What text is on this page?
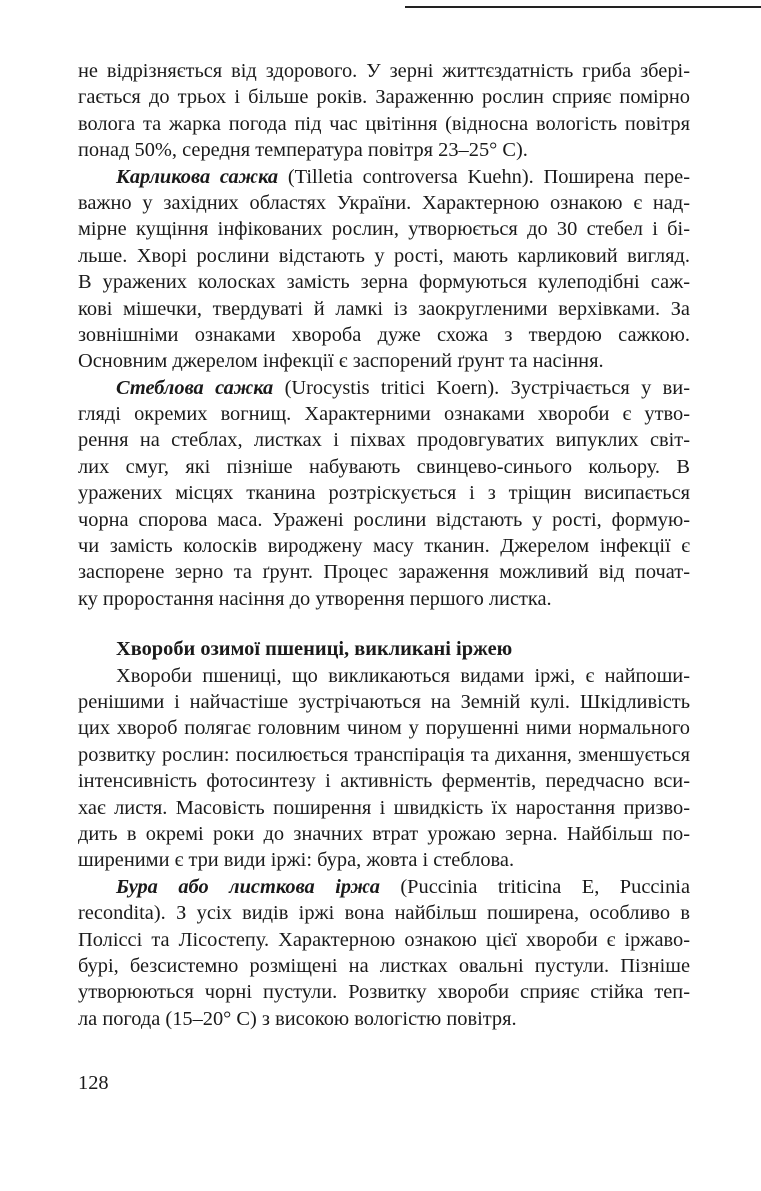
не відрізняється від здорового. У зерні життєздатність гриба збері-
гається до трьох і більше років. Зараженню рослин сприяє помірно
волога та жарка погода під час цвітіння (відносна вологість повітря
понад 50%, середня температура повітря 23–25° С).
Карликова сажка (Tilletia controversa Kuehn). Поширена пере-
важно у західних областях України. Характерною ознакою є над-
мірне кущіння інфікованих рослин, утворюється до 30 стебел і бі-
льше. Хворі рослини відстають у рості, мають карликовий вигляд.
В уражених колосках замість зерна формуються кулеподібні саж-
кові мішечки, твердуваті й ламкі із заокругленими верхівками. За
зовнішніми ознаками хвороба дуже схожа з твердою сажкою.
Основним джерелом інфекції є заспорений ґрунт та насіння.
Стеблова сажка (Urocystis tritici Koern). Зустрічається у ви-
гляді окремих вогнищ. Характерними ознаками хвороби є утво-
рення на стеблах, листках і піхвах продовгуватих випуклих світ-
лих смуг, які пізніше набувають свинцево-синього кольору. В
уражених місцях тканина розтріскується і з тріщин висипається
чорна спорова маса. Уражені рослини відстають у рості, формую-
чи замість колосків вироджену масу тканин. Джерелом інфекції є
заспорене зерно та ґрунт. Процес зараження можливий від почат-
ку проростання насіння до утворення першого листка.
Хвороби озимої пшениці, викликані іржею
Хвороби пшениці, що викликаються видами іржі, є найпоши-
ренішими і найчастіше зустрічаються на Земній кулі. Шкідливість
цих хвороб полягає головним чином у порушенні ними нормального
розвитку рослин: посилюється транспірація та дихання, зменшується
інтенсивність фотосинтезу і активність ферментів, передчасно вси-
хає листя. Масовість поширення і швидкість їх наростання призво-
дить в окремі роки до значних втрат урожаю зерна. Найбільш по-
ширеними є три види іржі: бура, жовта і стеблова.
Бура або листкова іржа (Puccinia triticina E, Puccinia
recondita). З усіх видів іржі вона найбільш поширена, особливо в
Поліссі та Лісостепу. Характерною ознакою цієї хвороби є іржаво-
бурі, безсистемно розміщені на листках овальні пустули. Пізніше
утворюються чорні пустули. Розвитку хвороби сприяє стійка теп-
ла погода (15–20° С) з високою вологістю повітря.
128
